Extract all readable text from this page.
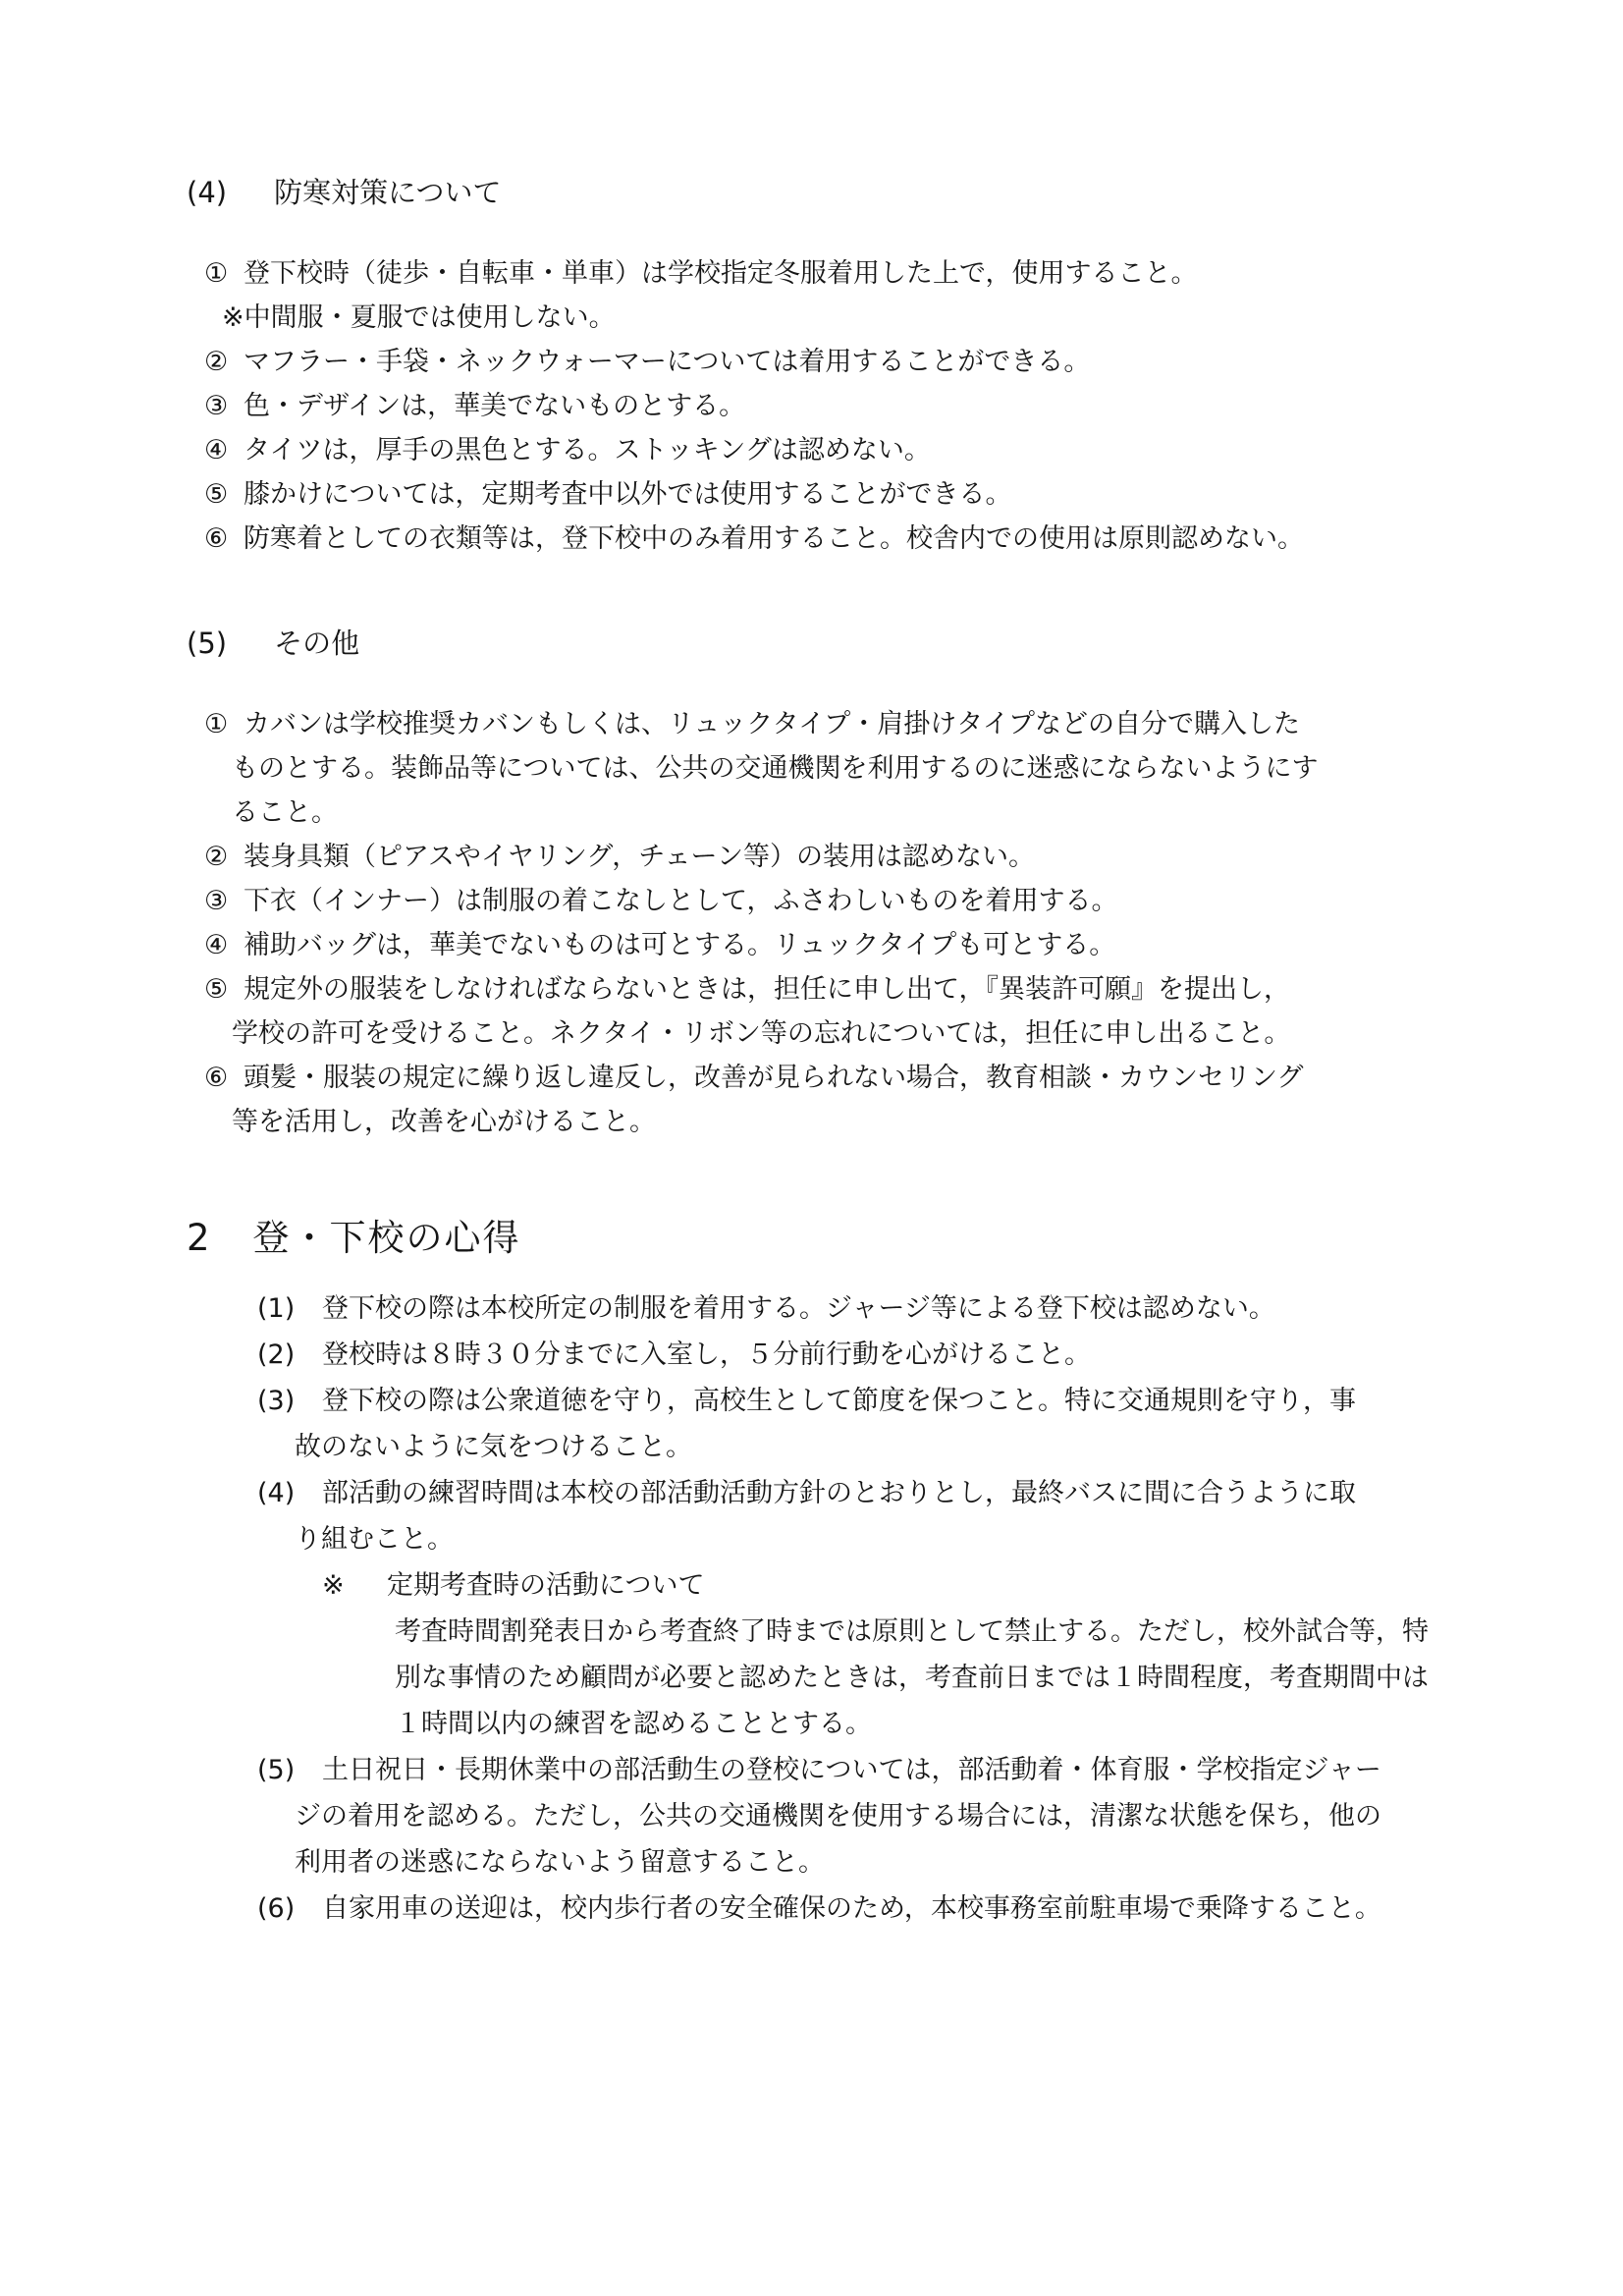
(4) 防寒対策について
① 登下校時（徒歩・自転車・単車）は学校指定冬服着用した上で，使用すること。
※中間服・夏服では使用しない。
② マフラー・手袋・ネックウォーマーについては着用することができる。
③ 色・デザインは，華美でないものとする。
④ タイツは，厚手の黒色とする。ストッキングは認めない。
⑤ 膝かけについては，定期考査中以外では使用することができる。
⑥ 防寒着としての衣類等は，登下校中のみ着用すること。校舎内での使用は原則認めない。
(5) その他
① カバンは学校推奨カバンもしくは、リュックタイプ・肩掛けタイプなどの自分で購入した
ものとする。装飾品等については、公共の交通機関を利用するのに迷惑にならないようにす
ること。
② 装身具類（ピアスやイヤリング，チェーン等）の装用は認めない。
③ 下衣（インナー）は制服の着こなしとして，ふさわしいものを着用する。
④ 補助バッグは，華美でないものは可とする。リュックタイプも可とする。
⑤ 規定外の服装をしなければならないときは，担任に申し出て，『異装許可願』を提出し，
学校の許可を受けること。ネクタイ・リボン等の忘れについては，担任に申し出ること。
⑥ 頭髪・服装の規定に繰り返し違反し，改善が見られない場合，教育相談・カウンセリング
等を活用し，改善を心がけること。
2 登・下校の心得
(1)	登下校の際は本校所定の制服を着用する。ジャージ等による登下校は認めない。
(2)	登校時は８時３０分までに入室し，５分前行動を心がけること。
(3)	登下校の際は公衆道徳を守り，高校生として節度を保つこと。特に交通規則を守り，事
故のないように気をつけること。
(4)	部活動の練習時間は本校の部活動活動方針のとおりとし，最終バスに間に合うように取
り組むこと。
※	定期考査時の活動について
考査時間割発表日から考査終了時までは原則として禁止する。ただし，校外試合等，特
別な事情のため顧問が必要と認めたときは，考査前日までは１時間程度，考査期間中は
１時間以内の練習を認めることとする。
(5)	土日祝日・長期休業中の部活動生の登校については，部活動着・体育服・学校指定ジャー
ジの着用を認める。ただし，公共の交通機関を使用する場合には，清潔な状態を保ち，他の
利用者の迷惑にならないよう留意すること。
(6)	自家用車の送迎は，校内歩行者の安全確保のため，本校事務室前駐車場で乗降すること。
